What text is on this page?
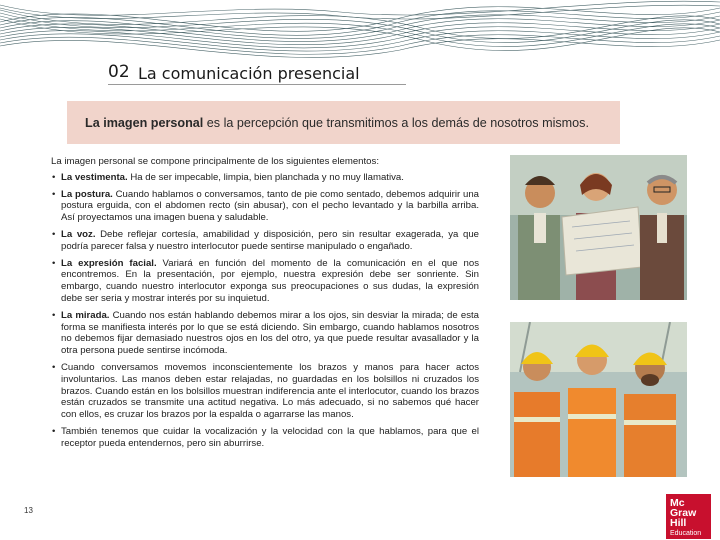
02 La comunicación presencial
La imagen personal es la percepción que transmitimos a los demás de nosotros mismos.

La imagen personal se compone principalmente de los siguientes elementos:

• La vestimenta. Ha de ser impecable, limpia, bien planchada y no muy llamativa.
• La postura. Cuando hablamos o conversamos, tanto de pie como sentado, debemos adquirir una postura erguida, con el abdomen recto (sin abusar), con el pecho levantado y la barbilla arriba. Así proyectamos una imagen buena y saludable.
• La voz. Debe reflejar cortesía, amabilidad y disposición, pero sin resultar exagerada, ya que podría parecer falsa y nuestro interlocutor puede sentirse manipulado o engañado.
• La expresión facial. Variará en función del momento de la comunicación en el que nos encontremos. En la presentación, por ejemplo, nuestra expresión debe ser sonriente. Sin embargo, cuando nuestro interlocutor exponga sus preocupaciones o sus dudas, la expresión debe ser seria y mostrar interés por su inquietud.
• La mirada. Cuando nos están hablando debemos mirar a los ojos, sin desviar la mirada; de esta forma se manifiesta interés por lo que se está diciendo. Sin embargo, cuando hablamos nosotros no debemos fijar demasiado nuestros ojos en los del otro, ya que puede resultar avasallador y la otra persona puede sentirse incómoda.
• Cuando conversamos movemos inconscientemente los brazos y manos para hacer actos involuntarios. Las manos deben estar relajadas, no guardadas en los bolsillos ni cruzados los brazos. Cuando están en los bolsillos muestran indiferencia ante el interlocutor, cuando los brazos están cruzados se transmite una actitud negativa. Lo más adecuado, si no sabemos qué hacer con ellos, es cruzar los brazos por la espalda o agarrarse las manos.
• También tenemos que cuidar la vocalización y la velocidad con la que hablamos, para que el receptor pueda entendernos, pero sin aburrirse.
13
Mc
Graw
Hill
Education
